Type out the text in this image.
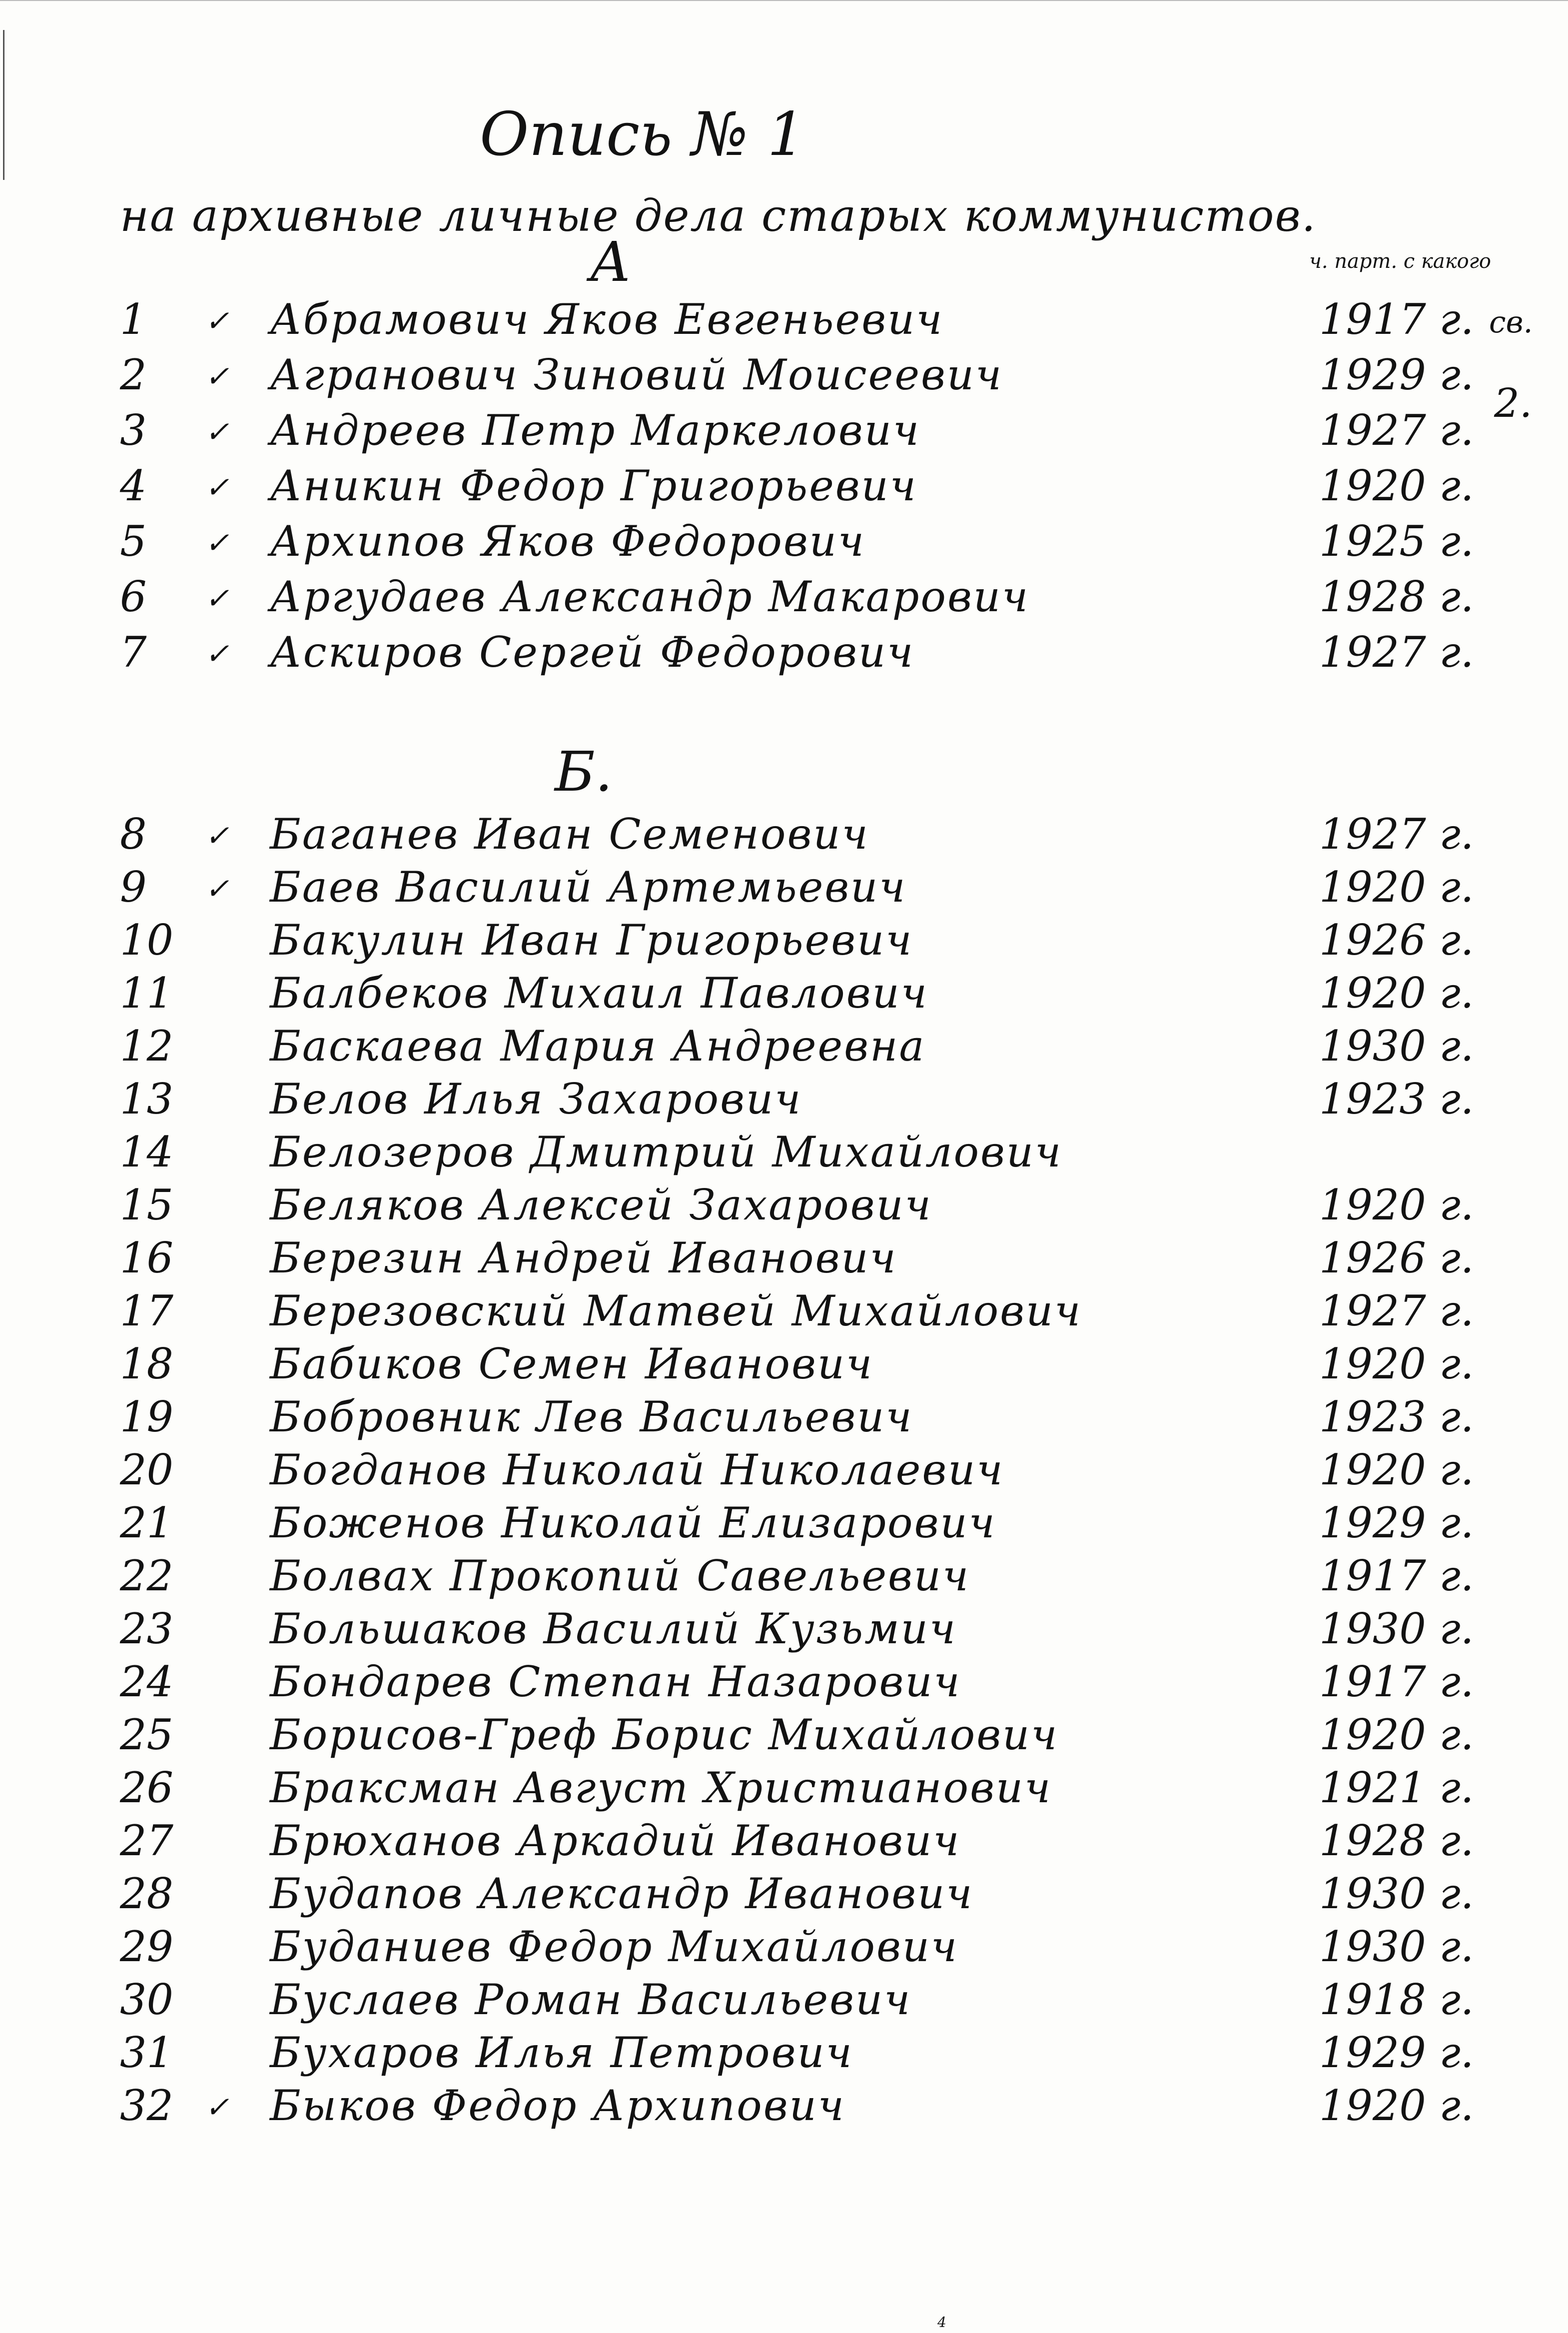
Опись № 1
на архивные личные дела старых коммунистов.
ч. парт. с какого
св.
2.
А
Б.
1	✓ Абрамович Яков Евгеньевич	1917 г.
2	✓ Агранович Зиновий Моисеевич	1929 г.
3	✓ Андреев Петр Маркелович	1927 г.
4	✓ Аникин Федор Григорьевич	1920 г.
5	✓ Архипов Яков Федорович	1925 г.
6	✓ Аргудаев Александр Макарович	1928 г.
7	✓ Аскиров Сергей Федорович	1927 г.
8	✓ Баганев Иван Семенович	1927 г.
9	✓ Баев Василий Артемьевич	1920 г.
10	Бакулин Иван Григорьевич	1926 г.
11	Балбеков Михаил Павлович	1920 г.
12	Баскаева Мария Андреевна	1930 г.
13	Белов Илья Захарович	1923 г.
14	Белозеров Дмитрий Михайлович
15	Беляков Алексей Захарович	1920 г.
16	Березин Андрей Иванович	1926 г.
17	Березовский Матвей Михайлович	1927 г.
18	Бабиков Семен Иванович	1920 г.
19	Бобровник Лев Васильевич	1923 г.
20	Богданов Николай Николаевич	1920 г.
21	Боженов Николай Елизарович	1929 г.
22	Болвах Прокопий Савельевич	1917 г.
23	Большаков Василий Кузьмич	1930 г.
24	Бондарев Степан Назарович	1917 г.
25	Борисов-Греф Борис Михайлович	1920 г.
26	Браксман Август Христианович	1921 г.
27	Брюханов Аркадий Иванович	1928 г.
28	Будапов Александр Иванович	1930 г.
29	Буданиев Федор Михайлович	1930 г.
30	Буслаев Роман Васильевич	1918 г.
31	Бухаров Илья Петрович	1929 г.
32	✓ Быков Федор Архипович	1920 г.
4
